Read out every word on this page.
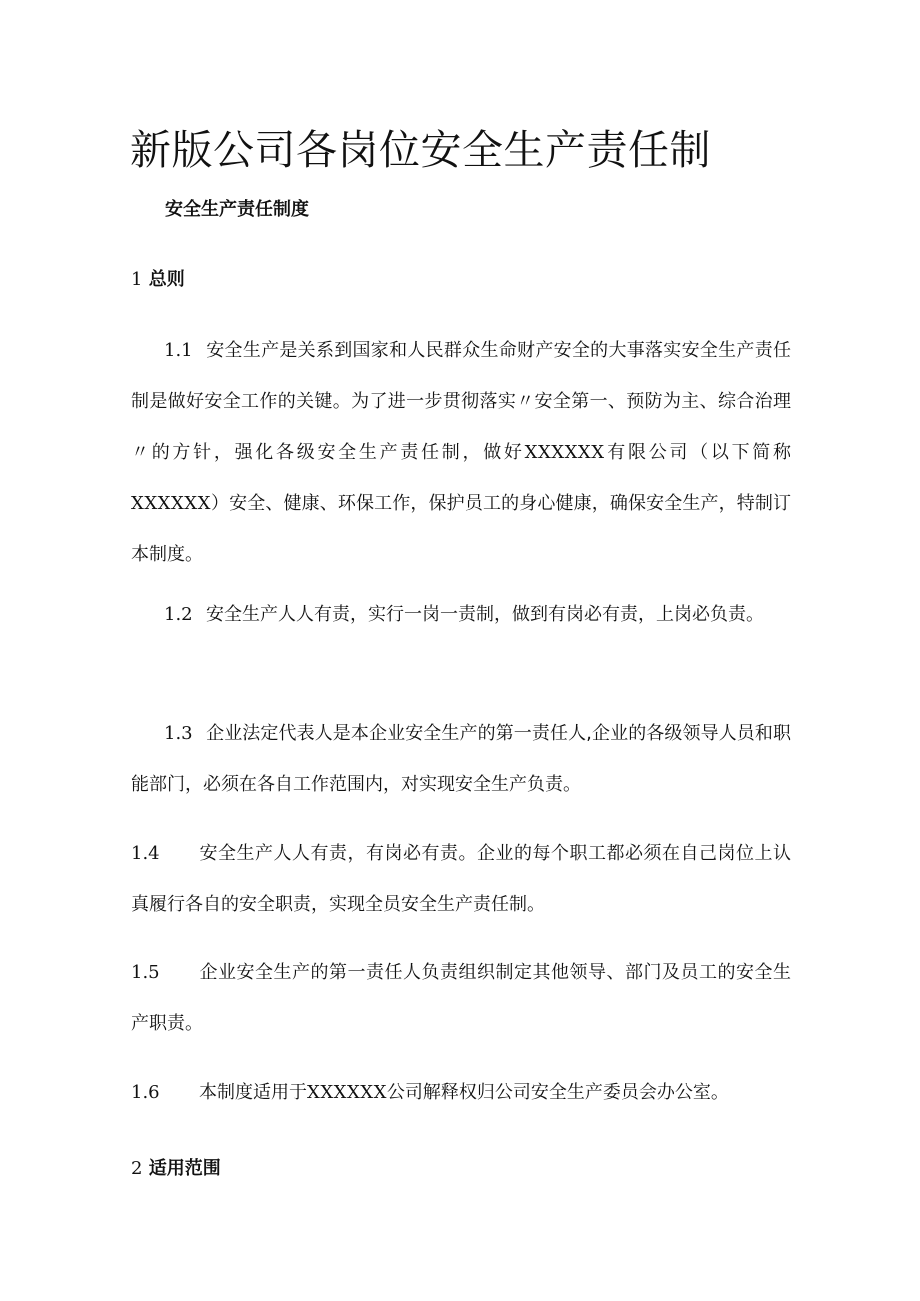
新版公司各岗位安全生产责任制
安全生产责任制度
1 总则

1.1 安全生产是关系到国家和人民群众生命财产安全的大事落实安全生产责任制是做好安全工作的关键。为了进一步贯彻落实〃安全第一、预防为主、综合治理〃的方针，强化各级安全生产责任制，做好XXXXXX有限公司（以下简称XXXXXX）安全、健康、环保工作，保护员工的身心健康，确保安全生产，特制订本制度。

1.2 安全生产人人有责，实行一岗一责制，做到有岗必有责，上岗必负责。

1.3 企业法定代表人是本企业安全生产的第一责任人,企业的各级领导人员和职能部门，必须在各自工作范围内，对实现安全生产负责。

1.4 安全生产人人有责，有岗必有责。企业的每个职工都必须在自己岗位上认真履行各自的安全职责，实现全员安全生产责任制。

1.5 企业安全生产的第一责任人负责组织制定其他领导、部门及员工的安全生产职责。

1.6 本制度适用于XXXXXX公司解释权归公司安全生产委员会办公室。

2 适用范围
